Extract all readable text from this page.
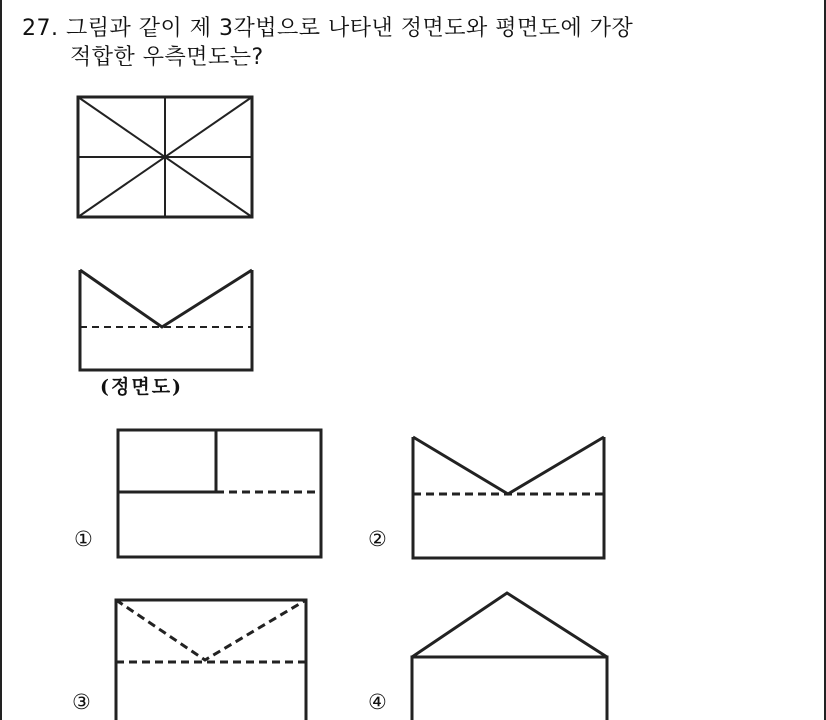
27. 그림과 같이 제 3각법으로 나타낸 정면도와 평면도에 가장
적합한 우측면도는?
(정면도)
①	②
③	④
